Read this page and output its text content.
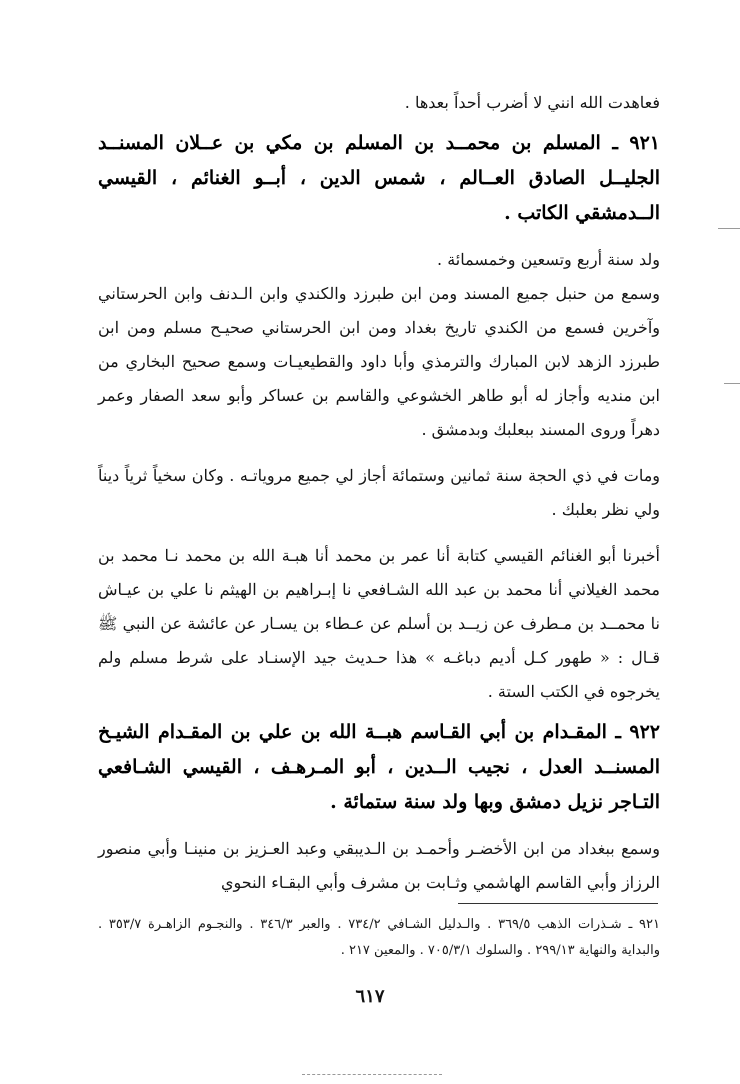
فعاهدت الله انني لا أضرب أحداً بعدها .

٩٢١ ـ المسلم بن محمــد بن المسلم بن مكي بن عــلان المسنــد الجليــل الصادق العــالم ، شمس الدين ، أبــو الغنائم ، القيسي الــدمشقي الكاتب .

ولد سنة أربع وتسعين وخمسمائة .

وسمع من حنبل جميع المسند ومن ابن طبرزد والكندي وابن الـدنف وابن الحرستاني وآخرين فسمع من الكندي تاريخ بغداد ومن ابن الحرستاني صحيـح مسلم ومن ابن طبرزد الزهد لابن المبارك والترمذي وأبا داود والقطيعيـات وسمع صحيح البخاري من ابن منديه وأجاز له أبو طاهر الخشوعي والقاسم بن عساكر وأبو سعد الصفار وعمر دهراً وروى المسند ببعلبك وبدمشق .

ومات في ذي الحجة سنة ثمانين وستمائة أجاز لي جميع مروياتـه . وكان سخياً ثرياً ديناً ولي نظر بعلبك .

أخبرنا أبو الغنائم القيسي كتابة أنا عمر بن محمد أنا هبـة الله بن محمد نـا محمد بن محمد الغيلاني أنا محمد بن عبد الله الشـافعي نا إبـراهيم بن الهيثم نا علي بن عيـاش نا محمــد بن مـطرف عن زيــد بن أسلم عن عـطاء بن يسـار عن عائشة عن النبي ﷺ قـال : « طهور كـل أديم دباغـه » هذا حـديث جيد الإسنـاد على شرط مسلم ولم يخرجوه في الكتب الستة .

٩٢٢ ـ المقـدام بن أبي القـاسم هبــة الله بن علي بن المقـدام الشيـخ المسنــد العدل ، نجيب الــدين ، أبو المـرهـف ، القيسي الشـافعي التـاجر نزيل دمشق وبها ولد سنة ستمائة .

وسمع ببغداد من ابن الأخضـر وأحمـد بن الـديبقي وعبد العـزيز بن منينـا وأبي منصور الرزاز وأبي القاسم الهاشمي وثـابت بن مشرف وأبي البقـاء النحوي

٩٢١ ـ شـذرات الذهب ٣٦٩/٥ . والـدليل الشـافي ٧٣٤/٢ . والعبر ٣٤٦/٣ . والنجـوم الزاهـرة ٣٥٣/٧ . والبداية والنهاية ٢٩٩/١٣ . والسلوك ٧٠٥/٣/١ . والمعين ٢١٧ .

٦١٧
